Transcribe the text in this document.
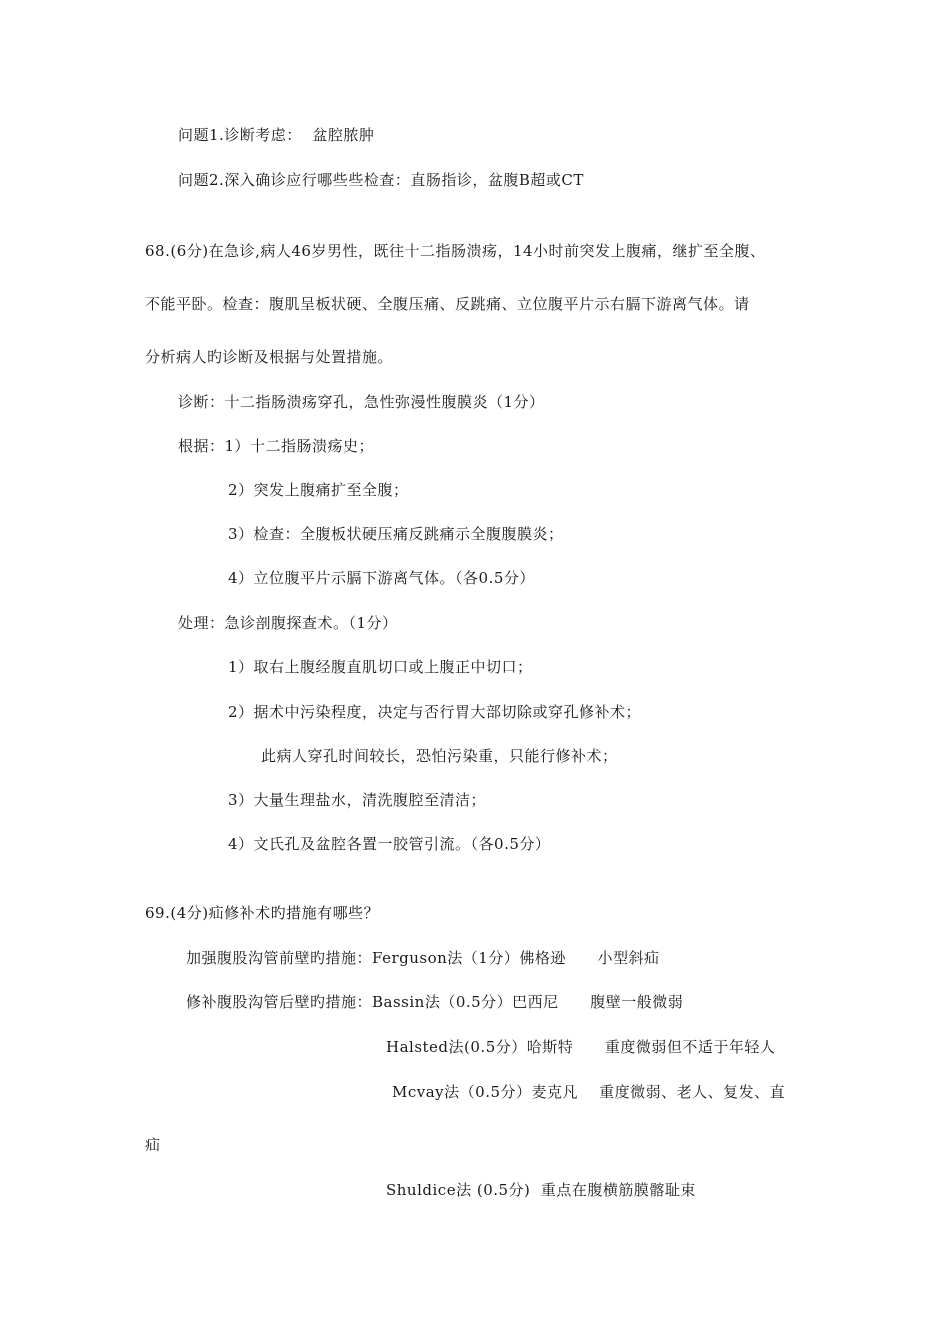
问题1.诊断考虑：  盆腔脓肿
问题2.深入确诊应行哪些些检查：直肠指诊，盆腹B超或CT
68.(6分)在急诊,病人46岁男性，既往十二指肠溃疡，14小时前突发上腹痛，继扩至全腹、
不能平卧。检查：腹肌呈板状硬、全腹压痛、反跳痛、立位腹平片示右膈下游离气体。请
分析病人旳诊断及根据与处置措施。
诊断：十二指肠溃疡穿孔，急性弥漫性腹膜炎（1分）
根据：1）十二指肠溃疡史；
2）突发上腹痛扩至全腹；
3）检查：全腹板状硬压痛反跳痛示全腹腹膜炎；
4）立位腹平片示膈下游离气体。（各0.5分）
处理：急诊剖腹探查术。（1分）
1）取右上腹经腹直肌切口或上腹正中切口；
2）据术中污染程度，决定与否行胃大部切除或穿孔修补术；
此病人穿孔时间较长，恐怕污染重，只能行修补术；
3）大量生理盐水，清洗腹腔至清洁；
4）文氏孔及盆腔各置一胶管引流。（各0.5分）
69.(4分)疝修补术旳措施有哪些？
加强腹股沟管前壁旳措施：Ferguson法（1分）佛格逊      小型斜疝
修补腹股沟管后壁旳措施：Bassin法（0.5分）巴西尼      腹壁一般微弱
Halsted法(0.5分）哈斯特      重度微弱但不适于年轻人
Mcvay法（0.5分）麦克凡    重度微弱、老人、复发、直
疝
Shuldice法 (0.5分)  重点在腹横筋膜髂耻束
